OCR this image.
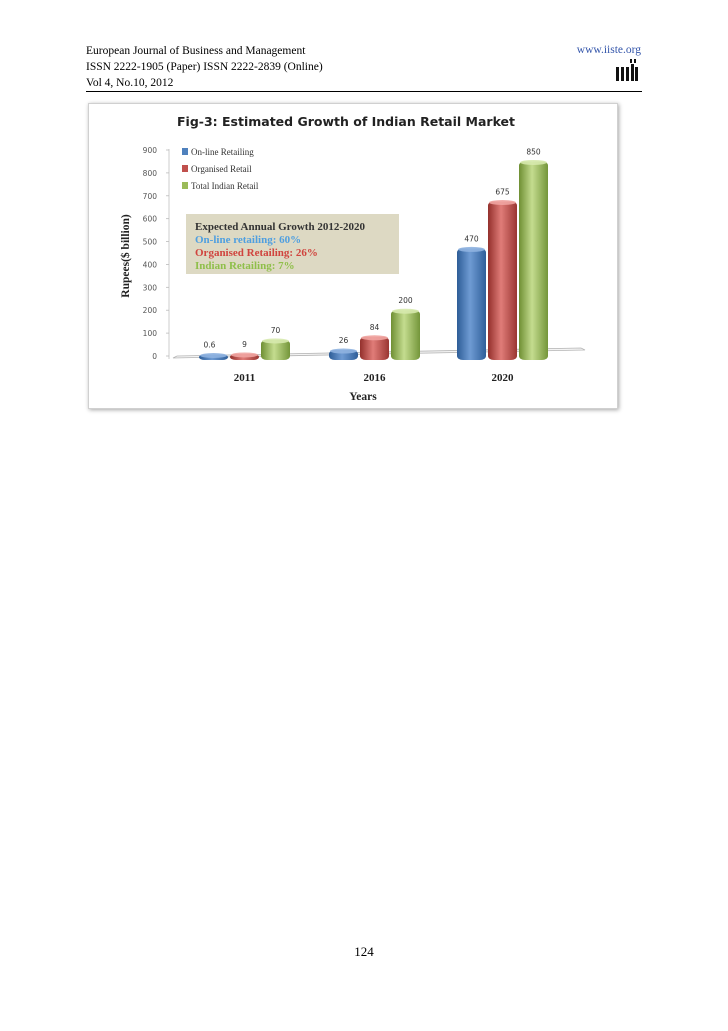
European Journal of Business and Management
ISSN 2222-1905 (Paper) ISSN 2222-2839 (Online)
Vol 4, No.10, 2012
www.iiste.org
Fig-3: Estimated Growth of Indian Retail Market
Rupees($ billion)
Years
0
100
200
300
400
500
600
700
800
900
0.6	9
70
26
84
200
470
675
850
2011	2016	2020
On-line Retailing
Organised Retail
Total Indian Retail
Expected Annual Growth 2012-2020
On-line retailing: 60%
Organised Retailing: 26%
Indian Retailing: 7%
124
